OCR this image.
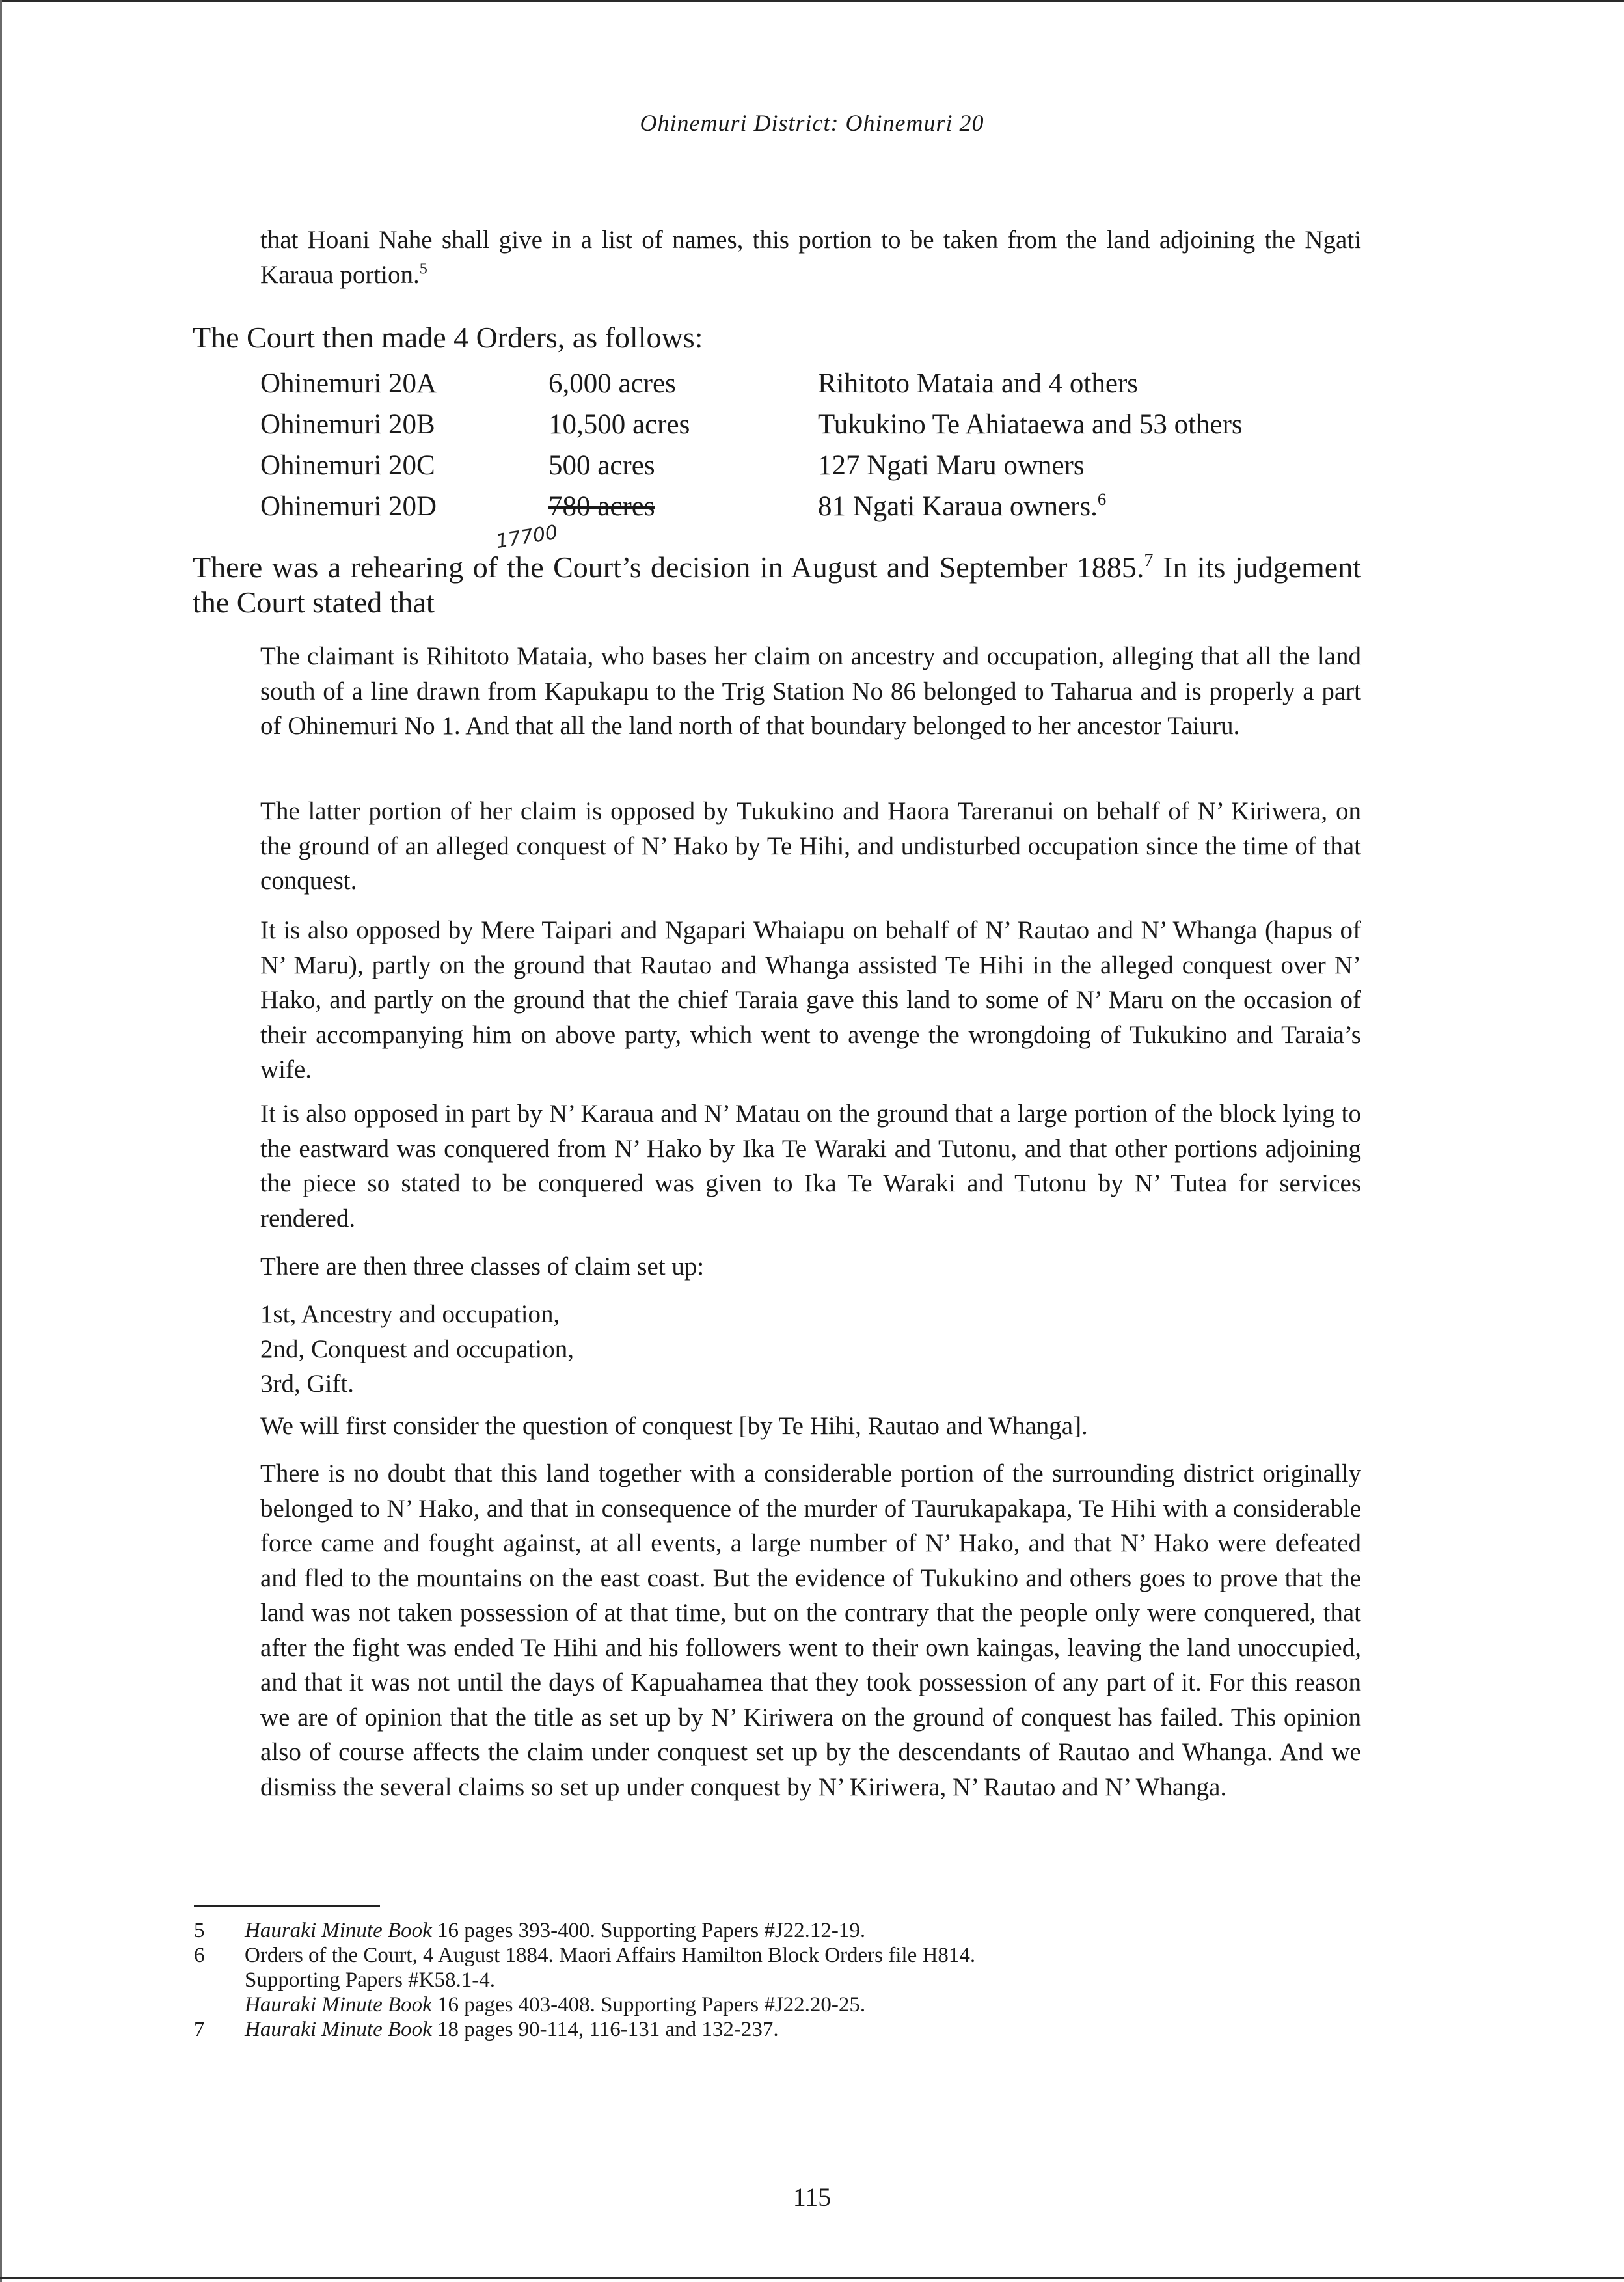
Ohinemuri District: Ohinemuri 20

that Hoani Nahe shall give in a list of names, this portion to be taken from the land adjoining the Ngati Karaua portion.$^5$

The Court then made 4 Orders, as follows:

Ohinemuri 20A	6,000 acres	Rihitoto Mataia and 4 others
Ohinemuri 20B	10,500 acres	Tukukino Te Ahiataewa and 53 others
Ohinemuri 20C	500 acres	127 Ngati Maru owners
Ohinemuri 20D	780 acres	81 Ngati Karaua owners.$^6$
17700

There was a rehearing of the Court’s decision in August and September 1885.$^7$ In its judgement the Court stated that

The claimant is Rihitoto Mataia, who bases her claim on ancestry and occupation, alleging that all the land south of a line drawn from Kapukapu to the Trig Station No 86 belonged to Taharua and is properly a part of Ohinemuri No 1. And that all the land north of that boundary belonged to her ancestor Taiuru.

The latter portion of her claim is opposed by Tukukino and Haora Tareranui on behalf of N’ Kiriwera, on the ground of an alleged conquest of N’ Hako by Te Hihi, and undisturbed occupation since the time of that conquest.

It is also opposed by Mere Taipari and Ngapari Whaiapu on behalf of N’ Rautao and N’ Whanga (hapus of N’ Maru), partly on the ground that Rautao and Whanga assisted Te Hihi in the alleged conquest over N’ Hako, and partly on the ground that the chief Taraia gave this land to some of N’ Maru on the occasion of their accompanying him on above party, which went to avenge the wrongdoing of Tukukino and Taraia’s wife.

It is also opposed in part by N’ Karaua and N’ Matau on the ground that a large portion of the block lying to the eastward was conquered from N’ Hako by Ika Te Waraki and Tutonu, and that other portions adjoining the piece so stated to be conquered was given to Ika Te Waraki and Tutonu by N’ Tutea for services rendered.

There are then three classes of claim set up:

1st, Ancestry and occupation,
2nd, Conquest and occupation,
3rd, Gift.

We will first consider the question of conquest [by Te Hihi, Rautao and Whanga].

There is no doubt that this land together with a considerable portion of the surrounding district originally belonged to N’ Hako, and that in consequence of the murder of Taurukapakapa, Te Hihi with a considerable force came and fought against, at all events, a large number of N’ Hako, and that N’ Hako were defeated and fled to the mountains on the east coast. But the evidence of Tukukino and others goes to prove that the land was not taken possession of at that time, but on the contrary that the people only were conquered, that after the fight was ended Te Hihi and his followers went to their own kaingas, leaving the land unoccupied, and that it was not until the days of Kapuahamea that they took possession of any part of it. For this reason we are of opinion that the title as set up by N’ Kiriwera on the ground of conquest has failed. This opinion also of course affects the claim under conquest set up by the descendants of Rautao and Whanga. And we dismiss the several claims so set up under conquest by N’ Kiriwera, N’ Rautao and N’ Whanga.

5 Hauraki Minute Book 16 pages 393-400. Supporting Papers #J22.12-19.
6 Orders of the Court, 4 August 1884. Maori Affairs Hamilton Block Orders file H814.
Supporting Papers #K58.1-4.
Hauraki Minute Book 16 pages 403-408. Supporting Papers #J22.20-25.
7 Hauraki Minute Book 18 pages 90-114, 116-131 and 132-237.
115
